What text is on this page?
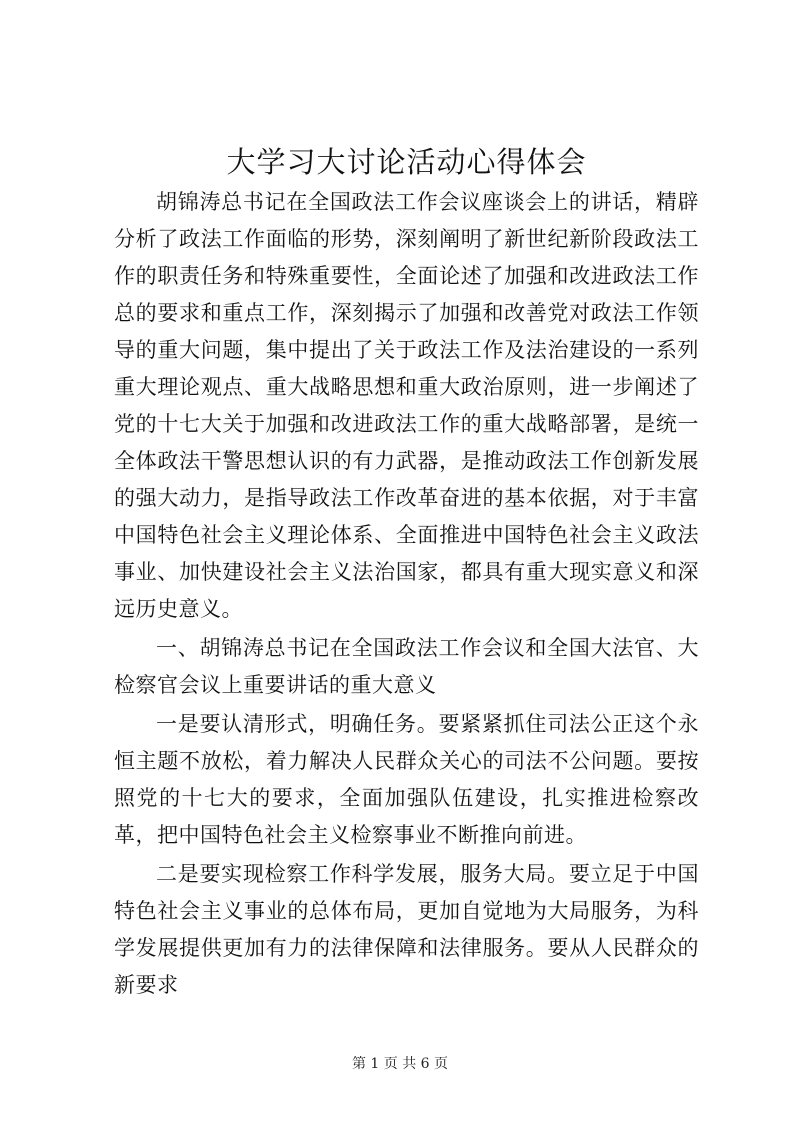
大学习大讨论活动心得体会

胡锦涛总书记在全国政法工作会议座谈会上的讲话，精辟分析了政法工作面临的形势，深刻阐明了新世纪新阶段政法工作的职责任务和特殊重要性，全面论述了加强和改进政法工作总的要求和重点工作，深刻揭示了加强和改善党对政法工作领导的重大问题，集中提出了关于政法工作及法治建设的一系列重大理论观点、重大战略思想和重大政治原则，进一步阐述了党的十七大关于加强和改进政法工作的重大战略部署，是统一全体政法干警思想认识的有力武器，是推动政法工作创新发展的强大动力，是指导政法工作改革奋进的基本依据，对于丰富中国特色社会主义理论体系、全面推进中国特色社会主义政法事业、加快建设社会主义法治国家，都具有重大现实意义和深远历史意义。

一、胡锦涛总书记在全国政法工作会议和全国大法官、大检察官会议上重要讲话的重大意义

一是要认清形式，明确任务。要紧紧抓住司法公正这个永恒主题不放松，着力解决人民群众关心的司法不公问题。要按照党的十七大的要求，全面加强队伍建设，扎实推进检察改革，把中国特色社会主义检察事业不断推向前进。

二是要实现检察工作科学发展，服务大局。要立足于中国特色社会主义事业的总体布局，更加自觉地为大局服务，为科学发展提供更加有力的法律保障和法律服务。要从人民群众的新要求

第 1 页 共 6 页
